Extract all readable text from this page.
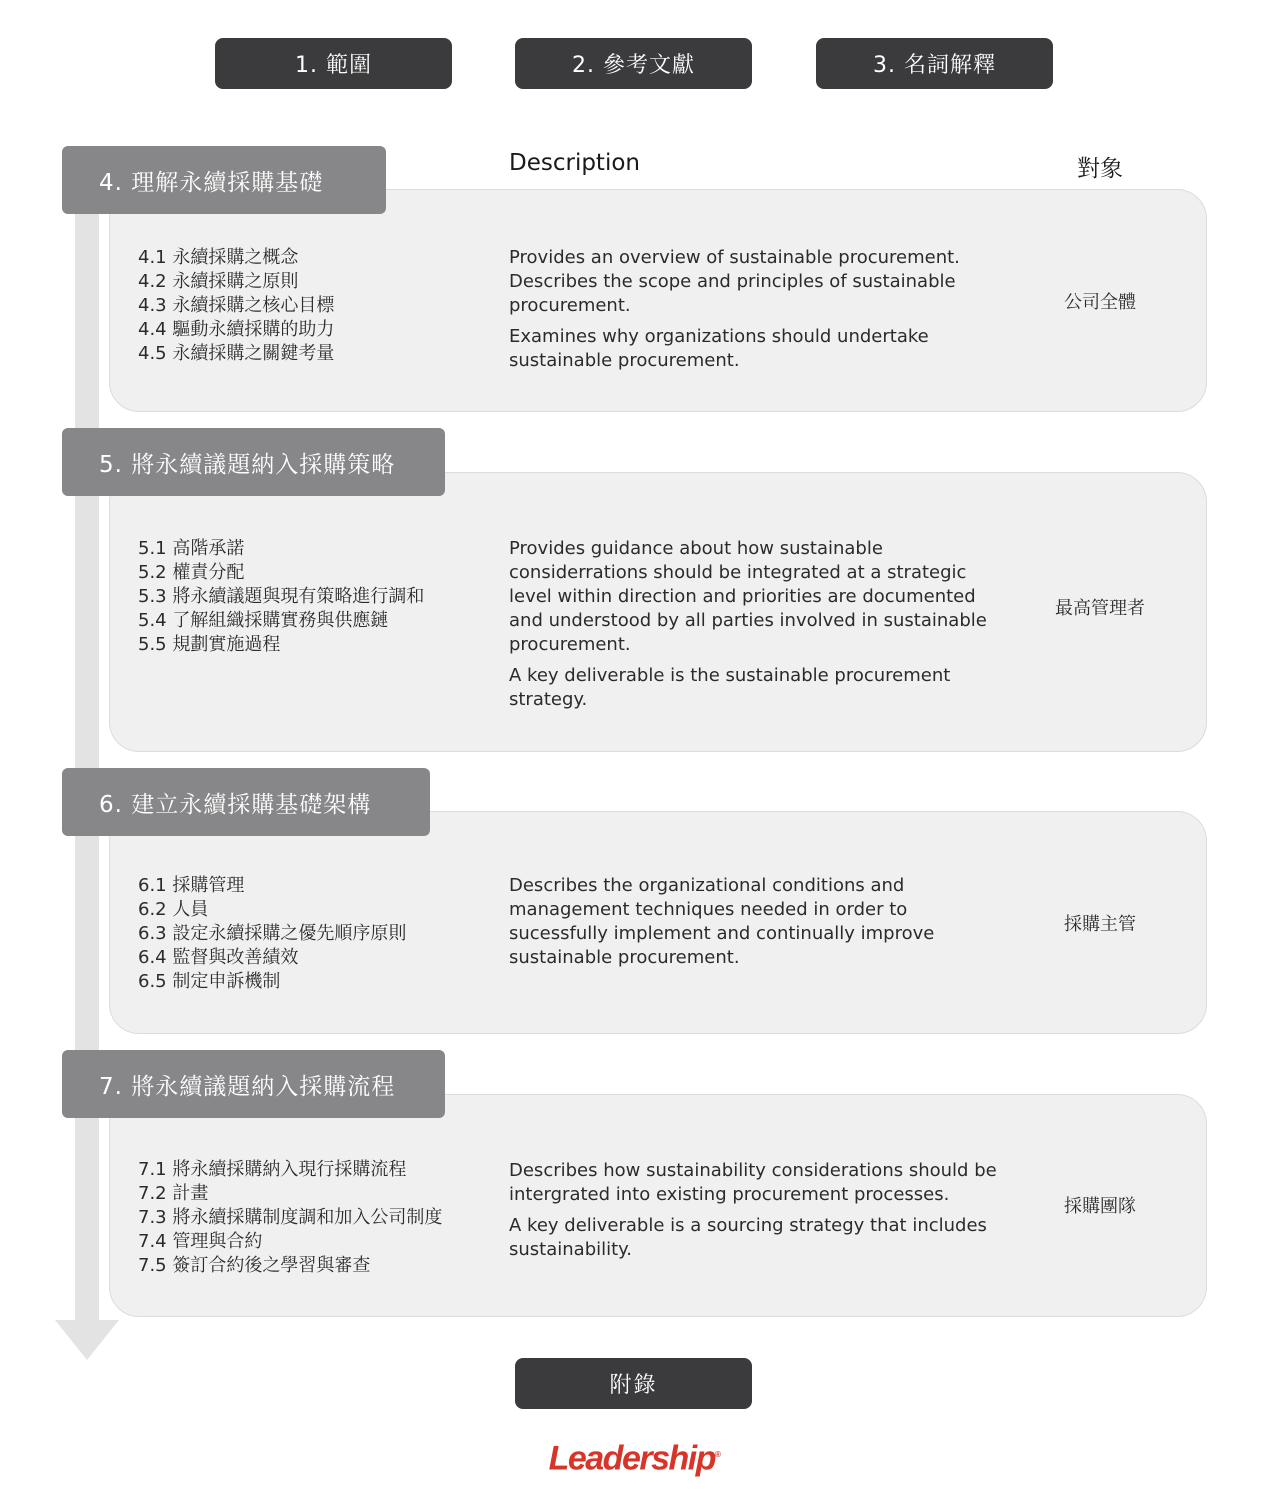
1. 範圍	2. 參考文獻	3. 名詞解釋
Description	對象
4. 理解永續採購基礎
4.1 永續採購之概念
4.2 永續採購之原則
4.3 永續採購之核心目標
4.4 驅動永續採購的助力
4.5 永續採購之關鍵考量

Provides an overview of sustainable procurement. Describes the scope and principles of sustainable procurement.

Examines why organizations should undertake sustainable procurement.

公司全體
5. 將永續議題納入採購策略
5.1 高階承諾
5.2 權責分配
5.3 將永續議題與現有策略進行調和
5.4 了解組織採購實務與供應鏈
5.5 規劃實施過程

Provides guidance about how sustainable considerrations should be integrated at a strategic level within direction and priorities are documented and understood by all parties involved in sustainable procurement.

A key deliverable is the sustainable procurement strategy.

最高管理者
6. 建立永續採購基礎架構
6.1 採購管理
6.2 人員
6.3 設定永續採購之優先順序原則
6.4 監督與改善績效
6.5 制定申訴機制

Describes the organizational conditions and management techniques needed in order to sucessfully implement and continually improve sustainable procurement.

採購主管
7. 將永續議題納入採購流程
7.1 將永續採購納入現行採購流程
7.2 計畫
7.3 將永續採購制度調和加入公司制度
7.4 管理與合約
7.5 簽訂合約後之學習與審查

Describes how sustainability considerations should be intergrated into existing procurement processes.

A key deliverable is a sourcing strategy that includes sustainability.

採購團隊
附錄
Leadership®
